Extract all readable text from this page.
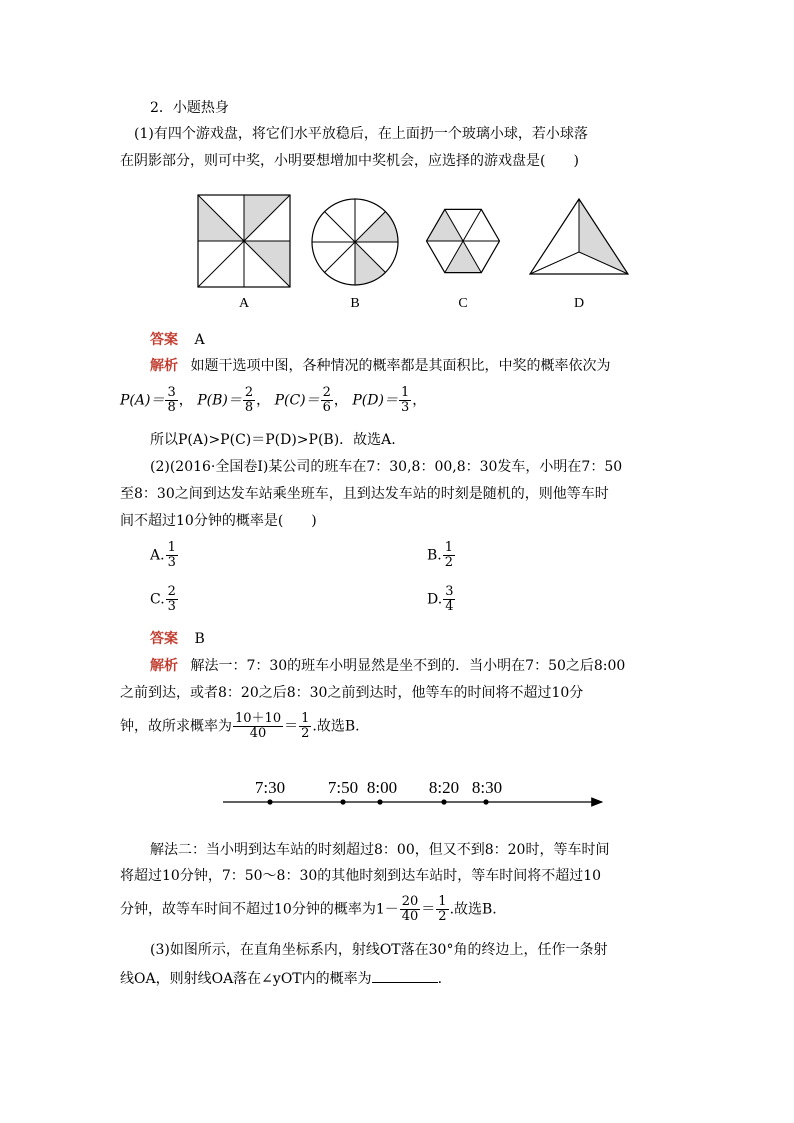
2．小题热身
(1)有四个游戏盘，将它们水平放稳后，在上面扔一个玻璃小球，若小球落
在阴影部分，则可中奖，小明要想增加中奖机会，应选择的游戏盘是(　　)
A	B	C	D
答案 A
解析 如题干选项中图，各种情况的概率都是其面积比，中奖的概率依次为
$P(A)= \frac{3}{8}$ ， $P(B)= \frac{2}{8}$ ， $P(C)= \frac{2}{6}$ ， $P(D)= \frac{1}{3}$ ，
所以P(A)>P(C)＝P(D)>P(B)．故选A.
(2)(2016·全国卷Ⅰ)某公司的班车在7：30,8：00,8：30发车，小明在7：50
至8：30之间到达发车站乘坐班车，且到达发车站的时刻是随机的，则他等车时
间不超过10分钟的概率是(　　)
A. $\frac{1}{3}$	B. $\frac{1}{2}$
C. $\frac{2}{3}$	D. $\frac{3}{4}$
答案 B
解析 解法一：7：30的班车小明显然是坐不到的．当小明在7：50之后8:00
之前到达，或者8：20之后8：30之前到达时，他等车的时间将不超过10分
钟，故所求概率为 $\frac{10+10}{40} = \frac{1}{2}$ .故选B.
7:30	7:50 8:00 8:20 8:30
解法二：当小明到达车站的时刻超过8：00，但又不到8：20时，等车时间
将超过10分钟，7：50～8：30的其他时刻到达车站时，等车时间将不超过10
分钟，故等车时间不超过10分钟的概率为$1- \frac{20}{40} = \frac{1}{2}$ .故选B.
(3)如图所示，在直角坐标系内，射线OT落在30°角的终边上，任作一条射
线OA，则射线OA落在∠yOT内的概率为	.
